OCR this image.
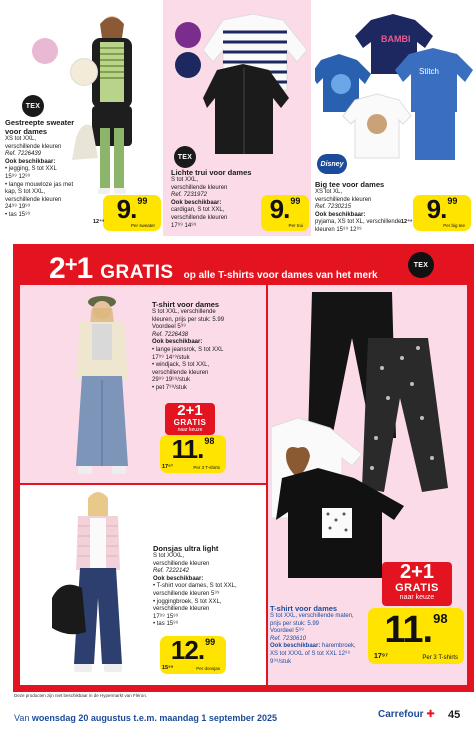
TEX
Gestreepte sweater voor dames
XS tot XXL,
verschillende kleuren
Ref. 7226439
Ook beschikbaar:
• jegging, S tot XXL
15⁹⁹ 12⁹⁹
• lange mouwloze jas met kap, S tot XXL,
verschillende kleuren
24⁹⁹ 19⁹⁹
• tas 15⁹⁹	9. 99
12⁴⁹
Per sweater
TEX
Lichte trui voor dames
S tot XXL,
verschillende kleuren
Ref. 7231972
Ook beschikbaar:
cardigan, S tot XXL,
verschillende kleuren
17⁹⁹ 14⁹⁹
9. 99
Per trui
BAMBI
Stitch
Disney
Big tee voor dames
XS tot XL,
verschillende kleuren
Ref. 7230215
Ook beschikbaar:
pyjama, XS tot XL, verschillende
kleuren 15⁹⁹ 12⁹⁹
9. 99
12⁴⁹
Per big tee
2+1 GRATIS op alle T-shirts voor dames van het merk
TEX
T-shirt voor dames
S tot XXL, verschillende
kleuren, prijs per stuk: 5.99
Voordeel 5⁹⁹
Ref. 7226438
Ook beschikbaar:
• lange jeansrok, S tot XXL
17⁹⁹ 14⁷⁹/stuk
• windjack, S tot XXL,
verschillende kleuren
29⁹⁹ 19⁹⁹/stuk
• pet 7⁹⁹/stuk
2+1
GRATIS
naar keuze
11. 98
17⁹⁷	Per 3 T-shirts
Donsjas ultra light
S tot XXXL,
verschillende kleuren
Ref. 7222142
Ook beschikbaar:
• T-shirt voor dames, S tot XXL,
verschillende kleuren 5⁹⁹
• joggingbroek, S tot XXL,
verschillende kleuren
17⁹⁹ 15⁹⁹
• tas 15⁹⁹
12. 99
15⁹⁹	Per donsjas
T-shirt voor dames
S tot XXL, verschillende maten,
prijs per stuk: 5.99
Voordeel 5⁹⁹
Ref. 7230610
Ook beschikbaar: harembroek,
XS tot XXXL of S tot XXL 12⁹⁹
9⁹⁹/stuk
2+1
GRATIS
naar keuze
11. 98
17⁹⁷	Per 3 T-shirts
Deze producten zijn niet beschikbaar in de Hypermarkt van Fléron.
Van woensdag 20 augustus t.e.m. maandag 1 september 2025	Carrefour ✚ 45
